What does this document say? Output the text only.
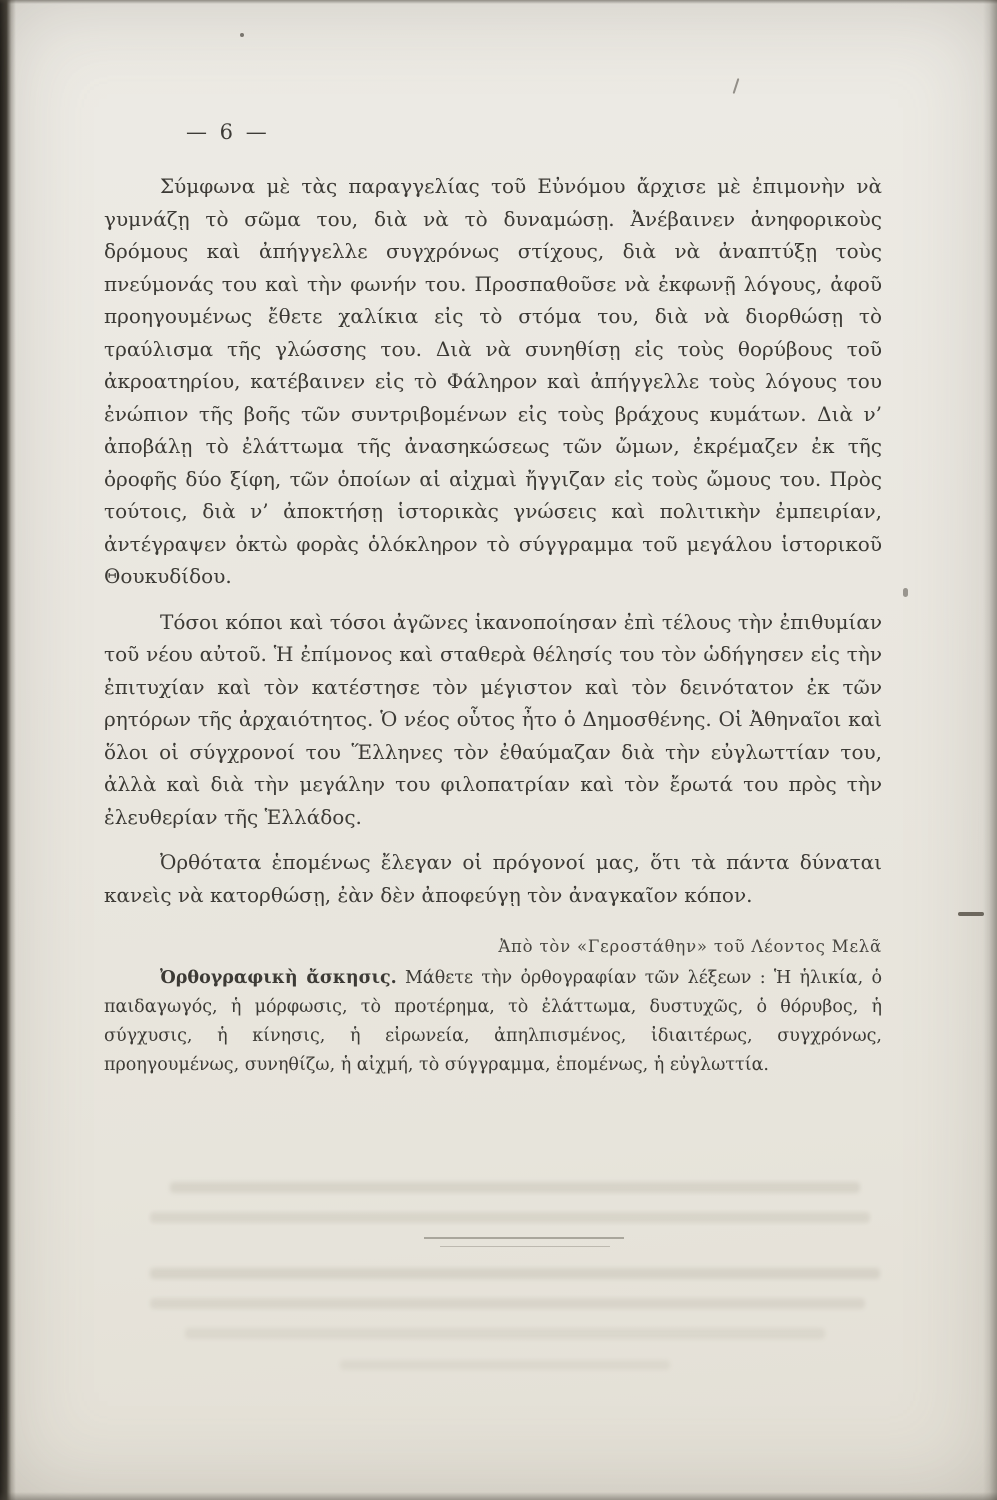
— 6 —

Σύμφωνα μὲ τὰς παραγγελίας τοῦ Εὐνόμου ἄρχισε μὲ ἐπιμονὴν νὰ γυμνάζῃ τὸ σῶμα του, διὰ νὰ τὸ δυναμώσῃ. Ἀνέβαινεν ἀνηφορικοὺς δρόμους καὶ ἀπήγγελλε συγχρόνως στίχους, διὰ νὰ ἀναπτύξῃ τοὺς πνεύμονάς του καὶ τὴν φωνήν του. Προσπαθοῦσε νὰ ἐκφωνῇ λόγους, ἀφοῦ προηγουμένως ἔθετε χαλίκια εἰς τὸ στόμα του, διὰ νὰ διορθώσῃ τὸ τραύλισμα τῆς γλώσσης του. Διὰ νὰ συνηθίσῃ εἰς τοὺς θορύβους τοῦ ἀκροατηρίου, κατέβαινεν εἰς τὸ Φάληρον καὶ ἀπήγγελλε τοὺς λόγους του ἐνώπιον τῆς βοῆς τῶν συντριβομένων εἰς τοὺς βράχους κυμάτων. Διὰ ν’ ἀποβάλῃ τὸ ἐλάττωμα τῆς ἀνασηκώσεως τῶν ὤμων, ἐκρέμαζεν ἐκ τῆς ὀροφῆς δύο ξίφη, τῶν ὁποίων αἱ αἰχμαὶ ἤγγιζαν εἰς τοὺς ὤμους του. Πρὸς τούτοις, διὰ ν’ ἀποκτήσῃ ἱστορικὰς γνώσεις καὶ πολιτικὴν ἐμπειρίαν, ἀντέγραψεν ὀκτὼ φορὰς ὁλόκληρον τὸ σύγγραμμα τοῦ μεγάλου ἱστορικοῦ Θουκυδίδου.

Τόσοι κόποι καὶ τόσοι ἀγῶνες ἱκανοποίησαν ἐπὶ τέλους τὴν ἐπιθυμίαν τοῦ νέου αὐτοῦ. Ἡ ἐπίμονος καὶ σταθερὰ θέλησίς του τὸν ὡδήγησεν εἰς τὴν ἐπιτυχίαν καὶ τὸν κατέστησε τὸν μέγιστον καὶ τὸν δεινότατον ἐκ τῶν ρητόρων τῆς ἀρχαιότητος. Ὁ νέος οὗτος ἦτο ὁ Δημοσθένης. Οἱ Ἀθηναῖοι καὶ ὅλοι οἱ σύγχρονοί του Ἕλληνες τὸν ἐθαύμαζαν διὰ τὴν εὐγλωττίαν του, ἀλλὰ καὶ διὰ τὴν μεγάλην του φιλοπατρίαν καὶ τὸν ἔρωτά του πρὸς τὴν ἐλευθερίαν τῆς Ἑλλάδος.

Ὀρθότατα ἑπομένως ἔλεγαν οἱ πρόγονοί μας, ὅτι τὰ πάντα δύναται κανεὶς νὰ κατορθώσῃ, ἐὰν δὲν ἀποφεύγῃ τὸν ἀναγκαῖον κόπον.

Ἀπὸ τὸν «Γεροστάθην» τοῦ Λέοντος Μελᾶ

Ὀρθογραφικὴ ἄσκησις. Μάθετε τὴν ὀρθογραφίαν τῶν λέξεων : Ἡ ἡλικία, ὁ παιδαγωγός, ἡ μόρφωσις, τὸ προτέρημα, τὸ ἐλάττωμα, δυστυχῶς, ὁ θόρυβος, ἡ σύγχυσις, ἡ κίνησις, ἡ εἰρωνεία, ἀπηλπισμένος, ἰδιαιτέρως, συγχρόνως, προηγουμένως, συνηθίζω, ἡ αἰχμή, τὸ σύγγραμμα, ἑπομένως, ἡ εὐγλωττία.
